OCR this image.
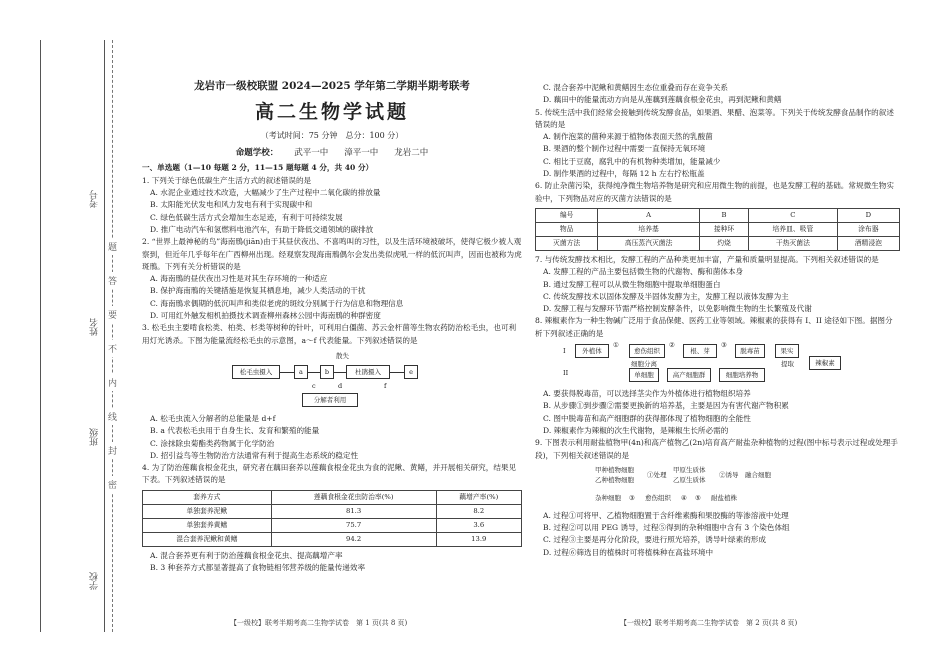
考号
姓名
班级
学校
题
答
要
不
内
线
封
密
龙岩市一级校联盟 2024—2025 学年第二学期半期考联考
高二生物学试题
（考试时间：75 分钟　总分：100 分）
命题学校： 武平一中 漳平一中 龙岩二中
一、单选题（1—10 每题 2 分，11—15 题每题 4 分，共 40 分）
1. 下列关于绿色低碳生产生活方式的叙述错误的是
A. 水泥企业通过技术改造，大幅减少了生产过程中二氧化碳的排放量
B. 太阳能光伏发电和风力发电有利于实现碳中和
C. 绿色低碳生活方式会增加生态足迹，有利于可持续发展
D. 推广电动汽车和氢燃料电池汽车，有助于降低交通领域的碳排放
2. “世界上最神秘的鸟”海南鳽(jiān)由于其昼伏夜出、不喜鸣叫的习性，以及生活环境被破坏，使得它极少被人观察到，但近年几乎每年在广西柳州出现。经观察发现海南鳽偶尔会发出类似虎吼一样的低沉叫声，因而也被称为虎斑鳽。下列有关分析错误的是
A. 海南鳽的昼伏夜出习性是对其生存环境的一种适应
B. 保护海南鳽的关键措施是恢复其栖息地，减少人类活动的干扰
C. 海南鳽求偶期的低沉叫声和类似老虎的斑纹分别属于行为信息和物理信息
D. 可用红外触发相机拍摄技术调查柳州森林公园中海南鳽的种群密度
3. 松毛虫主要啃食松类、柏类、杉类等树种的针叶，可利用白僵菌、苏云金杆菌等生物农药防治松毛虫，也可利用灯光诱杀。下图为能量流经松毛虫的示意图，a～f 代表能量。下列叙述错误的是
松毛虫摄入	a	b	杜鹃摄入	e
散失
c	d	f
分解者利用
A. 松毛虫流入分解者的总能量是 d+f
B. a 代表松毛虫用于自身生长、发育和繁殖的能量
C. 涂抹除虫菊酯类药物属于化学防治
D. 招引益鸟等生物防治方法通常有利于提高生态系统的稳定性
4. 为了防治莲藕食根金花虫，研究者在藕田套养以莲藕食根金花虫为食的泥鳅、黄鳝，并开展相关研究，结果见下表。下列叙述错误的是
套养方式	莲藕食根金花虫防治率(%)	藕增产率(%)
单独套养泥鳅	81.3	8.2
单独套养黄鳝	75.7	3.6
混合套养泥鳅和黄鳝	94.2	13.9
A. 混合套养更有利于防治莲藕食根金花虫、提高藕增产率
B. 3 种套养方式都显著提高了食物链相邻营养级的能量传递效率
C. 混合套养中泥鳅和黄鳝因生态位重叠而存在竞争关系
D. 藕田中的能量流动方向是从莲藕到莲藕食根金花虫，再到泥鳅和黄鳝
5. 传统生活中我们经常会接触到传统发酵食品，如果酒、果醋、泡菜等。下列关于传统发酵食品制作的叙述错误的是
A. 制作泡菜的菌种来源于植物体表面天然的乳酸菌
B. 果酒的整个制作过程中需要一直保持无氧环境
C. 相比于豆腐，腐乳中的有机物种类增加，能量减少
D. 制作果酒的过程中，每隔 12 h 左右拧松瓶盖
6. 防止杂菌污染，获得纯净微生物培养物是研究和应用微生物的前提，也是发酵工程的基础。常规微生物实验中，下列物品对应的灭菌方法错误的是
编号	A	B	C	D
物品	培养基	接种环	培养皿、吸管	涂布器
灭菌方法	高压蒸汽灭菌法	灼烧	干热灭菌法	酒精浸泡
7. 与传统发酵技术相比，发酵工程的产品种类更加丰富，产量和质量明显提高。下列相关叙述错误的是
A. 发酵工程的产品主要包括微生物的代谢物、酶和菌体本身
B. 通过发酵工程可以从微生物细胞中提取单细胞蛋白
C. 传统发酵技术以固体发酵及半固体发酵为主，发酵工程以液体发酵为主
D. 发酵工程与发酵环节需严格控制发酵条件，以免影响微生物的生长繁殖及代谢
8. 辣椒素作为一种生物碱广泛用于食品保健、医药工业等领域。辣椒素的获得有 I、II 途径如下图。据图分析下列叙述正确的是
I
II
外植体
①
愈伤组织
②
根、芽
③
脱毒苗	果实
细胞分离
单细胞	高产细胞群	细胞培养物
提取	辣椒素
A. 要获得脱毒苗，可以选择茎尖作为外植体进行植物组织培养
B. 从步骤①到步骤②需要更换新的培养基，主要是因为有害代谢产物积累
C. 图中脱毒苗和高产细胞群的获得都体现了植物细胞的全能性
D. 辣椒素作为辣椒的次生代谢物，是辣椒生长所必需的
9. 下图表示利用耐盐植物甲(4n)和高产植物乙(2n)培育高产耐盐杂种植物的过程(图中标号表示过程或处理手段)，下列相关叙述错误的是
甲种植物细胞
乙种植物细胞
①处理
甲原生质体
乙原生质体
②诱导 融合细胞
杂种细胞 ③ 愈伤组织 ④ ⑤ 耐盐植株
A. 过程①可将甲、乙植物细胞置于含纤维素酶和果胶酶的等渗溶液中处理
B. 过程②可以用 PEG 诱导，过程⑤得到的杂种细胞中含有 3 个染色体组
C. 过程③主要是再分化阶段，要进行照光培养，诱导叶绿素的形成
D. 过程⑥筛选目的植株时可将植株种在高盐环境中
【一级校】联考半期考高二生物学试卷　第 1 页(共 8 页)	【一级校】联考半期考高二生物学试卷　第 2 页(共 8 页)
